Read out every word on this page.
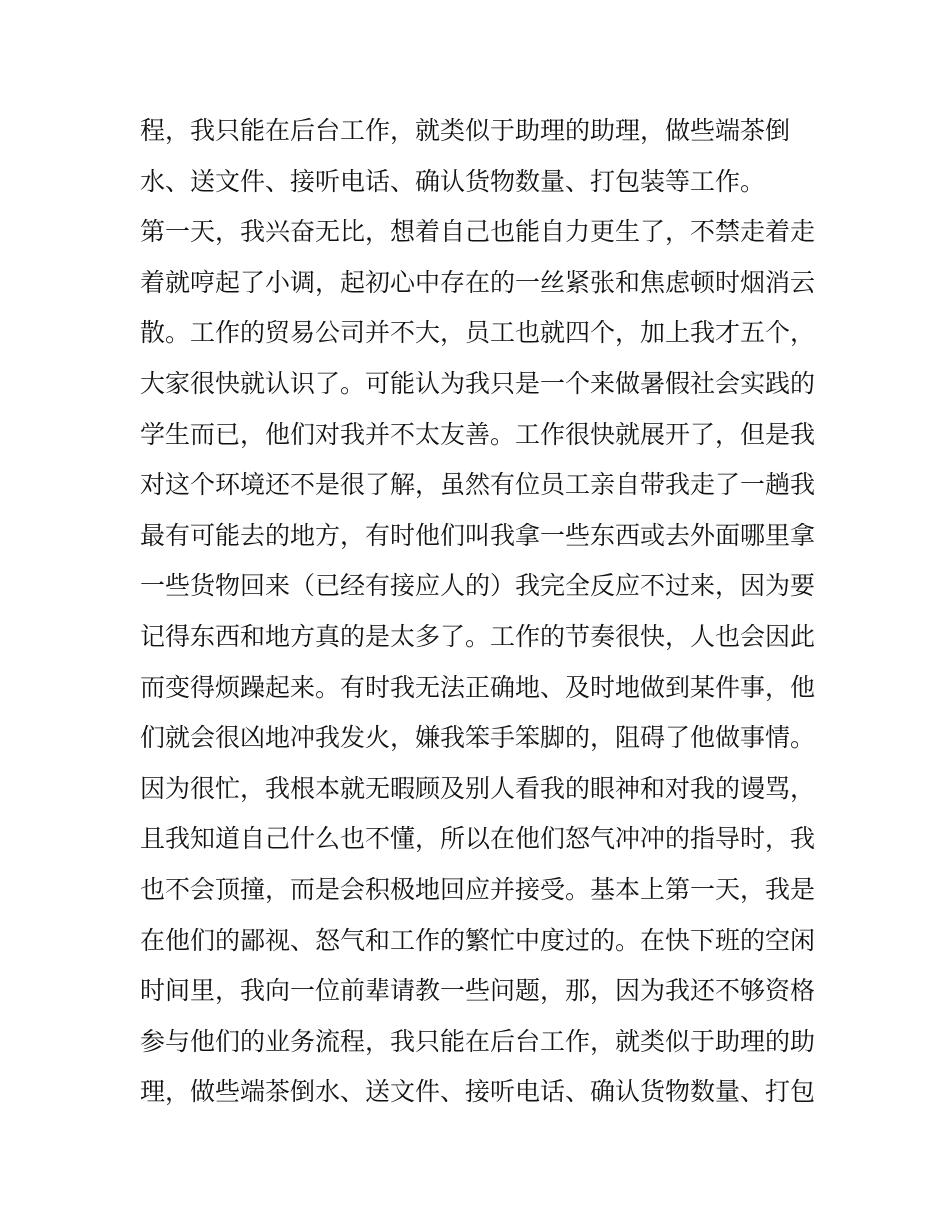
程，我只能在后台工作，就类似于助理的助理，做些端茶倒
水、送文件、接听电话、确认货物数量、打包装等工作。
第一天，我兴奋无比，想着自己也能自力更生了，不禁走着走
着就哼起了小调，起初心中存在的一丝紧张和焦虑顿时烟消云
散。工作的贸易公司并不大，员工也就四个，加上我才五个，
大家很快就认识了。可能认为我只是一个来做暑假社会实践的
学生而已，他们对我并不太友善。工作很快就展开了，但是我
对这个环境还不是很了解，虽然有位员工亲自带我走了一趟我
最有可能去的地方，有时他们叫我拿一些东西或去外面哪里拿
一些货物回来（已经有接应人的）我完全反应不过来，因为要
记得东西和地方真的是太多了。工作的节奏很快，人也会因此
而变得烦躁起来。有时我无法正确地、及时地做到某件事，他
们就会很凶地冲我发火，嫌我笨手笨脚的，阻碍了他做事情。
因为很忙，我根本就无暇顾及别人看我的眼神和对我的谩骂，
且我知道自己什么也不懂，所以在他们怒气冲冲的指导时，我
也不会顶撞，而是会积极地回应并接受。基本上第一天，我是
在他们的鄙视、怒气和工作的繁忙中度过的。在快下班的空闲
时间里，我向一位前辈请教一些问题，那，因为我还不够资格
参与他们的业务流程，我只能在后台工作，就类似于助理的助
理，做些端茶倒水、送文件、接听电话、确认货物数量、打包
